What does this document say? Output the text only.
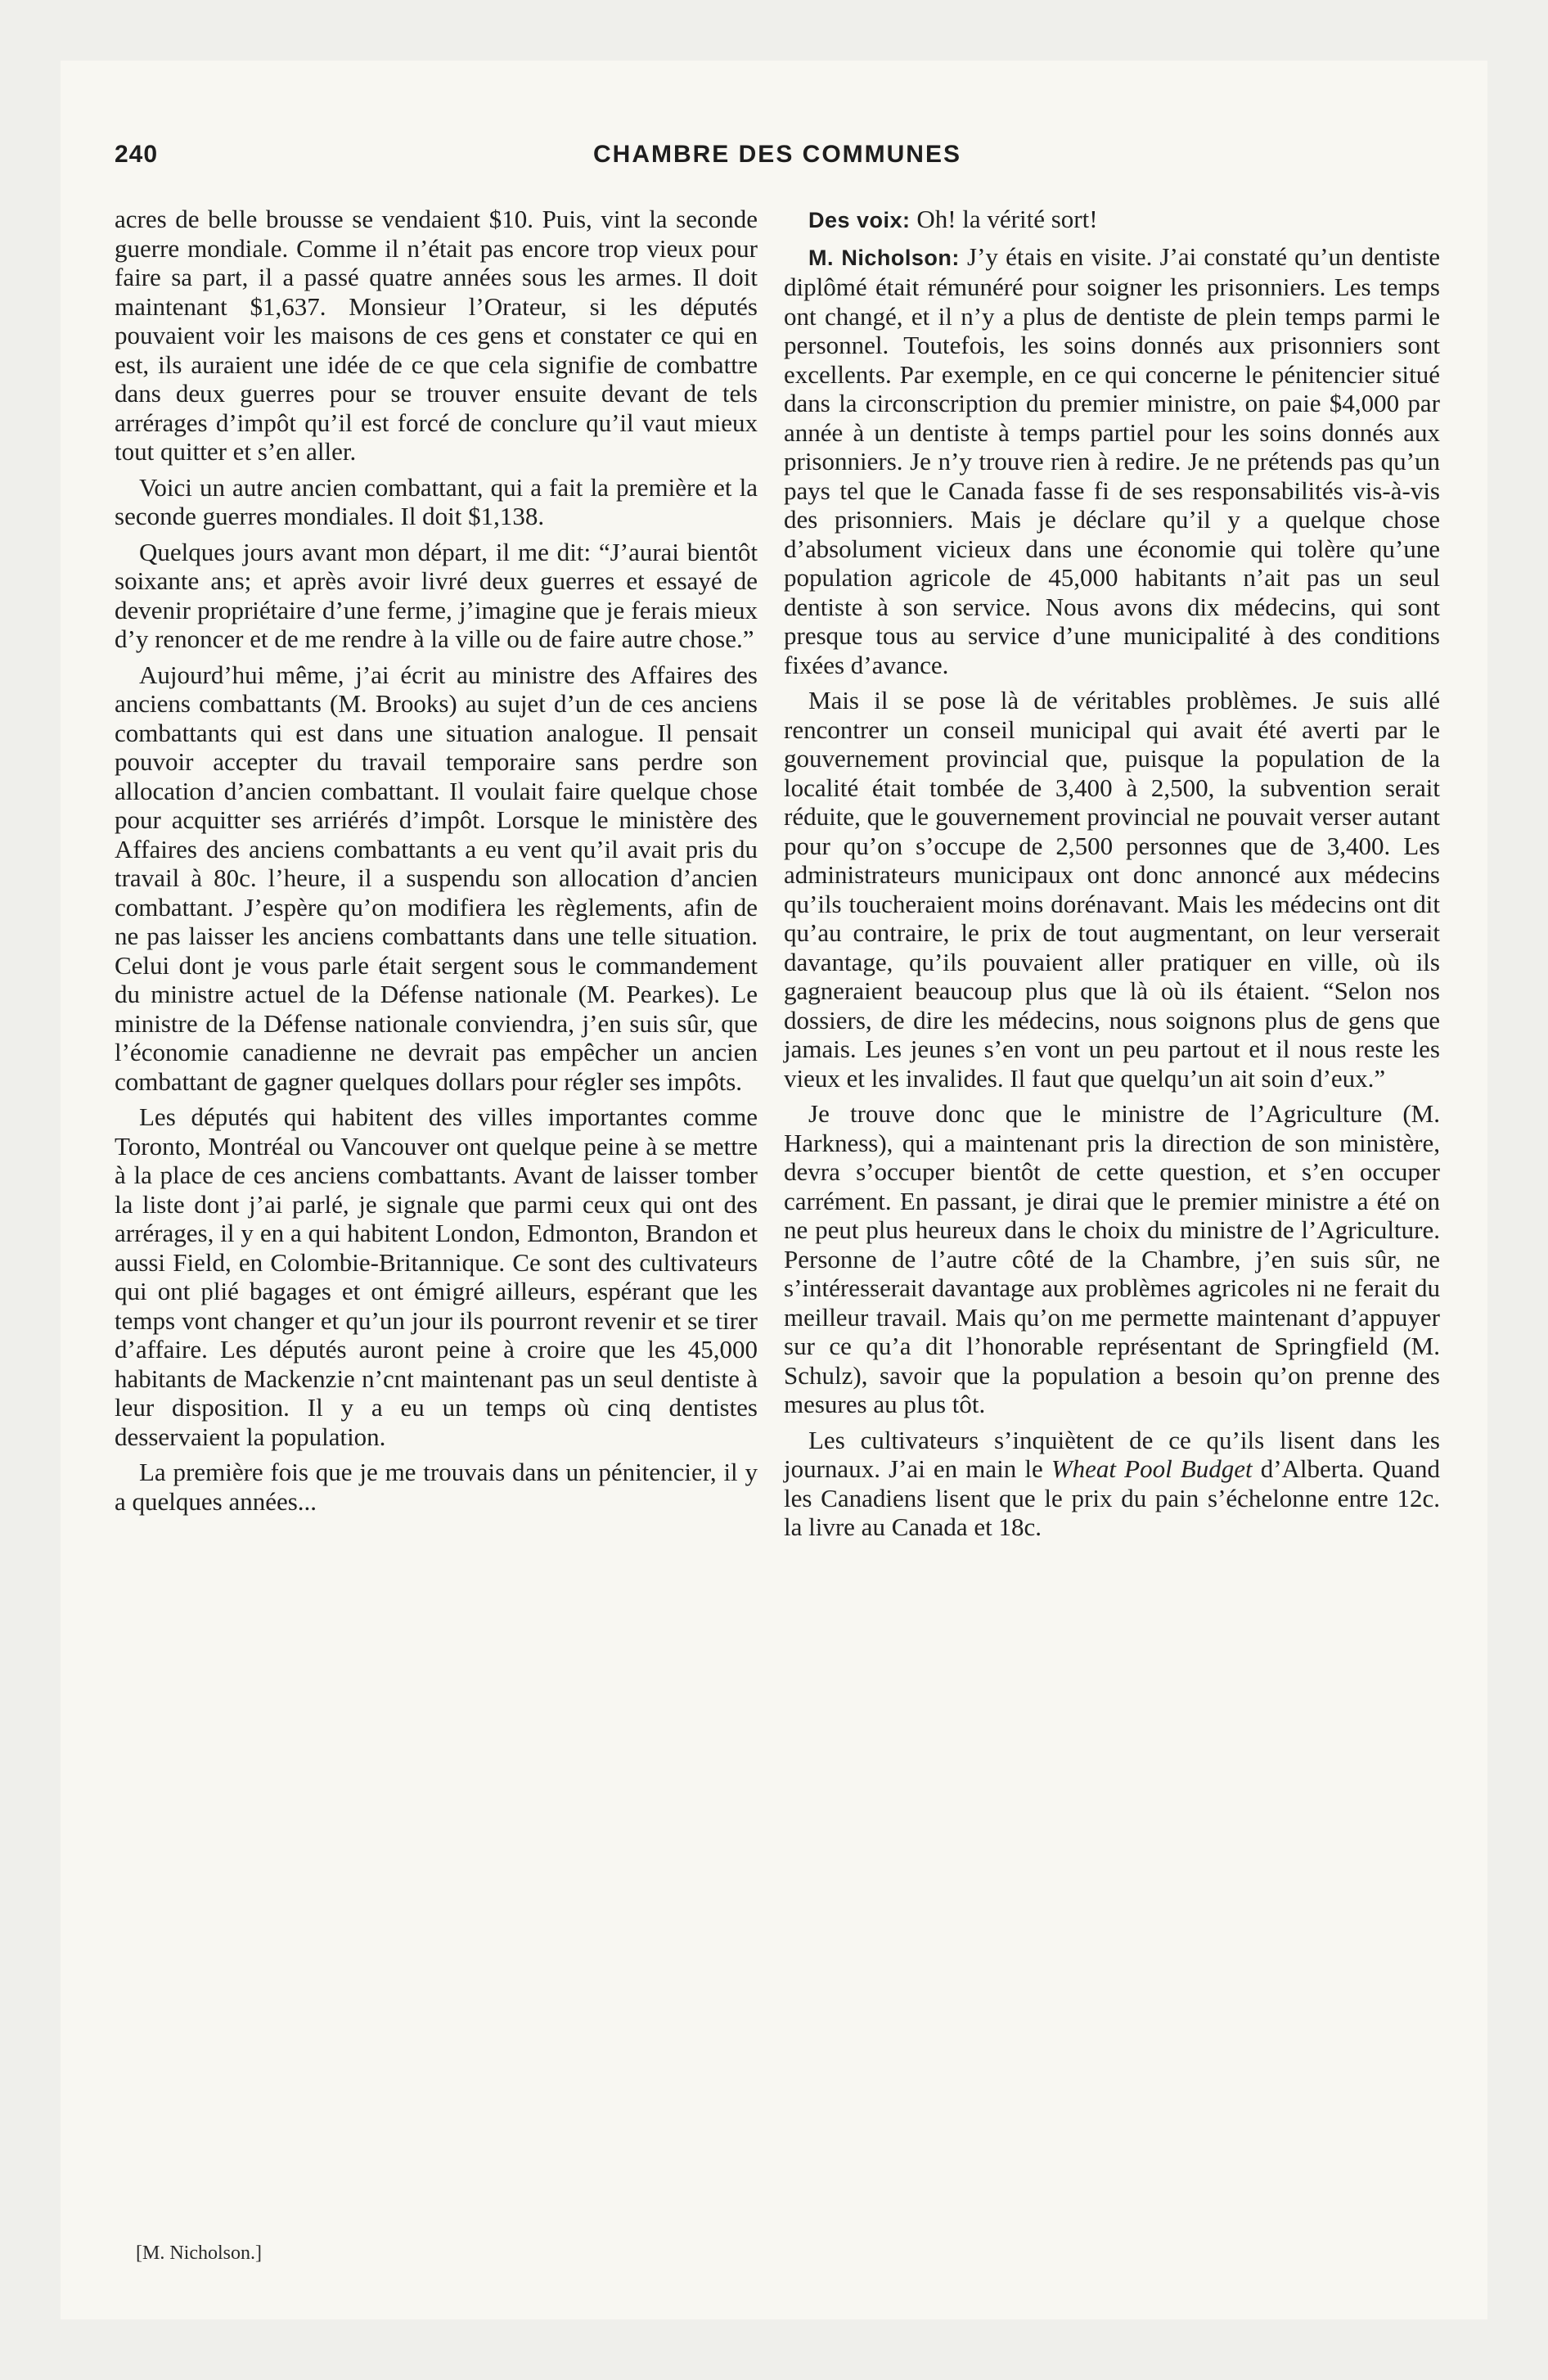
240	CHAMBRE DES COMMUNES

acres de belle brousse se vendaient $10. Puis, vint la seconde guerre mondiale. Comme il n’était pas encore trop vieux pour faire sa part, il a passé quatre années sous les armes. Il doit maintenant $1,637. Monsieur l’Orateur, si les députés pouvaient voir les maisons de ces gens et constater ce qui en est, ils auraient une idée de ce que cela signifie de combattre dans deux guerres pour se trouver ensuite devant de tels arrérages d’impôt qu’il est forcé de conclure qu’il vaut mieux tout quitter et s’en aller.

Voici un autre ancien combattant, qui a fait la première et la seconde guerres mondiales. Il doit $1,138.

Quelques jours avant mon départ, il me dit: “J’aurai bientôt soixante ans; et après avoir livré deux guerres et essayé de devenir propriétaire d’une ferme, j’imagine que je ferais mieux d’y renoncer et de me rendre à la ville ou de faire autre chose.”

Aujourd’hui même, j’ai écrit au ministre des Affaires des anciens combattants (M. Brooks) au sujet d’un de ces anciens combattants qui est dans une situation analogue. Il pensait pouvoir accepter du travail temporaire sans perdre son allocation d’ancien combattant. Il voulait faire quelque chose pour acquitter ses arriérés d’impôt. Lorsque le ministère des Affaires des anciens combattants a eu vent qu’il avait pris du travail à 80c. l’heure, il a suspendu son allocation d’ancien combattant. J’espère qu’on modifiera les règlements, afin de ne pas laisser les anciens combattants dans une telle situation. Celui dont je vous parle était sergent sous le commandement du ministre actuel de la Défense nationale (M. Pearkes). Le ministre de la Défense nationale conviendra, j’en suis sûr, que l’économie canadienne ne devrait pas empêcher un ancien combattant de gagner quelques dollars pour régler ses impôts.

Les députés qui habitent des villes importantes comme Toronto, Montréal ou Vancouver ont quelque peine à se mettre à la place de ces anciens combattants. Avant de laisser tomber la liste dont j’ai parlé, je signale que parmi ceux qui ont des arrérages, il y en a qui habitent London, Edmonton, Brandon et aussi Field, en Colombie-Britannique. Ce sont des cultivateurs qui ont plié bagages et ont émigré ailleurs, espérant que les temps vont changer et qu’un jour ils pourront revenir et se tirer d’affaire. Les députés auront peine à croire que les 45,000 habitants de Mackenzie n’cnt maintenant pas un seul dentiste à leur disposition. Il y a eu un temps où cinq dentistes desservaient la population.

La première fois que je me trouvais dans un pénitencier, il y a quelques années...

Des voix: Oh! la vérité sort!

M. Nicholson: J’y étais en visite. J’ai constaté qu’un dentiste diplômé était rémunéré pour soigner les prisonniers. Les temps ont changé, et il n’y a plus de dentiste de plein temps parmi le personnel. Toutefois, les soins donnés aux prisonniers sont excellents. Par exemple, en ce qui concerne le pénitencier situé dans la circonscription du premier ministre, on paie $4,000 par année à un dentiste à temps partiel pour les soins donnés aux prisonniers. Je n’y trouve rien à redire. Je ne prétends pas qu’un pays tel que le Canada fasse fi de ses responsabilités vis-à-vis des prisonniers. Mais je déclare qu’il y a quelque chose d’absolument vicieux dans une économie qui tolère qu’une population agricole de 45,000 habitants n’ait pas un seul dentiste à son service. Nous avons dix médecins, qui sont presque tous au service d’une municipalité à des conditions fixées d’avance.

Mais il se pose là de véritables problèmes. Je suis allé rencontrer un conseil municipal qui avait été averti par le gouvernement provincial que, puisque la population de la localité était tombée de 3,400 à 2,500, la subvention serait réduite, que le gouvernement provincial ne pouvait verser autant pour qu’on s’occupe de 2,500 personnes que de 3,400. Les administrateurs municipaux ont donc annoncé aux médecins qu’ils toucheraient moins dorénavant. Mais les médecins ont dit qu’au contraire, le prix de tout augmentant, on leur verserait davantage, qu’ils pouvaient aller pratiquer en ville, où ils gagneraient beaucoup plus que là où ils étaient. “Selon nos dossiers, de dire les médecins, nous soignons plus de gens que jamais. Les jeunes s’en vont un peu partout et il nous reste les vieux et les invalides. Il faut que quelqu’un ait soin d’eux.”

Je trouve donc que le ministre de l’Agriculture (M. Harkness), qui a maintenant pris la direction de son ministère, devra s’occuper bientôt de cette question, et s’en occuper carrément. En passant, je dirai que le premier ministre a été on ne peut plus heureux dans le choix du ministre de l’Agriculture. Personne de l’autre côté de la Chambre, j’en suis sûr, ne s’intéresserait davantage aux problèmes agricoles ni ne ferait du meilleur travail. Mais qu’on me permette maintenant d’appuyer sur ce qu’a dit l’honorable représentant de Springfield (M. Schulz), savoir que la population a besoin qu’on prenne des mesures au plus tôt.

Les cultivateurs s’inquiètent de ce qu’ils lisent dans les journaux. J’ai en main le Wheat Pool Budget d’Alberta. Quand les Canadiens lisent que le prix du pain s’échelonne entre 12c. la livre au Canada et 18c.

[M. Nicholson.]
